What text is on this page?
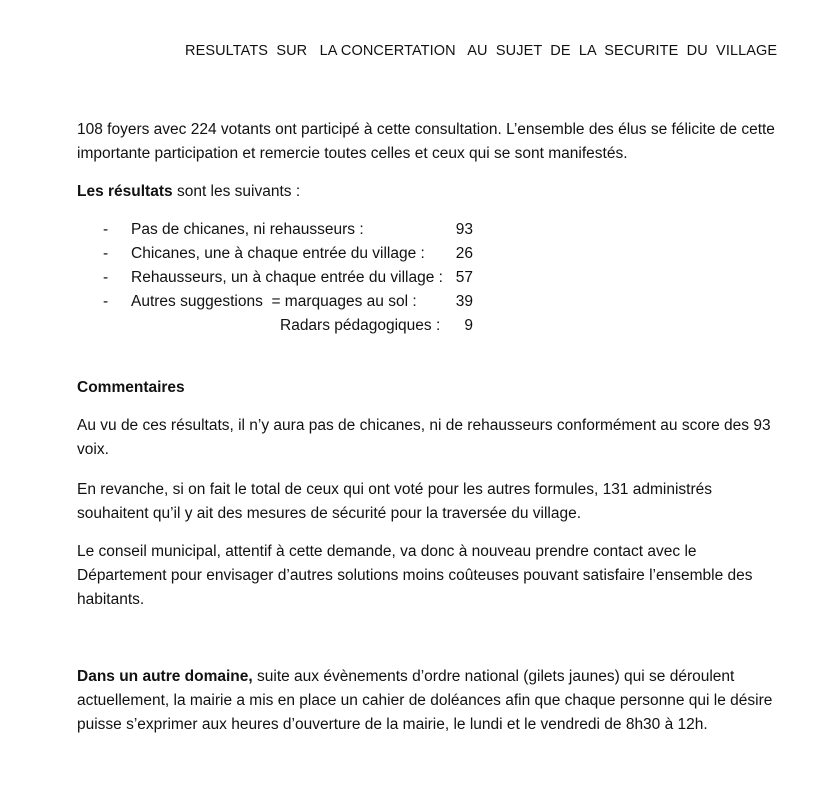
RESULTATS  SUR   LA CONCERTATION   AU  SUJET  DE  LA  SECURITE  DU  VILLAGE

108 foyers avec 224 votants ont participé à cette consultation. L’ensemble des élus se félicite de cette importante participation et remercie toutes celles et ceux qui se sont manifestés.

Les résultats sont les suivants :

- Pas de chicanes, ni rehausseurs :	93
- Chicanes, une à chaque entrée du village :	26
- Rehausseurs, un à chaque entrée du village : 57
- Autres suggestions  = marquages au sol :	39
Radars pédagogiques :	9

Commentaires

Au vu de ces résultats, il n’y aura pas de chicanes, ni de rehausseurs conformément au score des 93 voix.

En revanche, si on fait le total de ceux qui ont voté pour les autres formules, 131 administrés souhaitent qu’il y ait des mesures de sécurité pour la traversée du village.

Le conseil municipal, attentif à cette demande, va donc à nouveau prendre contact avec le Département pour envisager d’autres solutions moins coûteuses pouvant satisfaire l’ensemble des habitants.

Dans un autre domaine, suite aux évènements d’ordre national (gilets jaunes) qui se déroulent actuellement, la mairie a mis en place un cahier de doléances afin que chaque personne qui le désire puisse s’exprimer aux heures d’ouverture de la mairie, le lundi et le vendredi de 8h30 à 12h.
